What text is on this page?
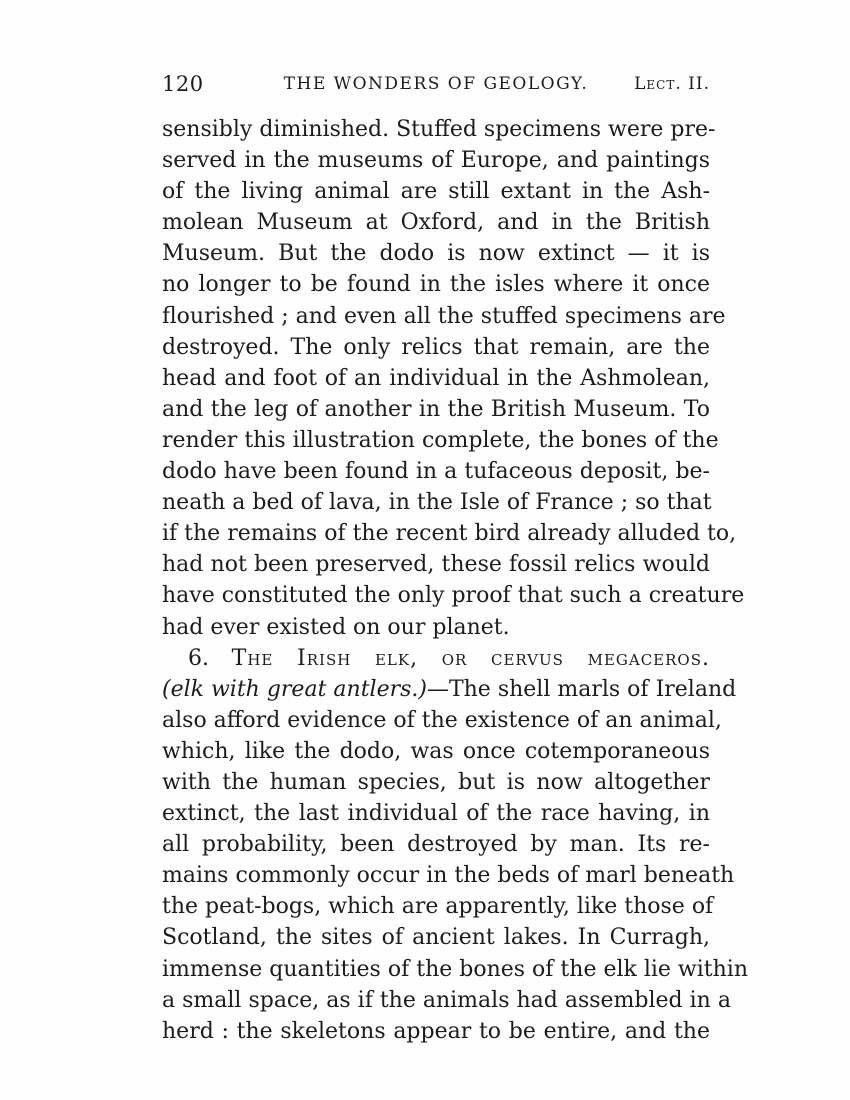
120	THE WONDERS OF GEOLOGY.	Lect. II.
sensibly diminished. Stuffed specimens were pre-
served in the museums of Europe, and paintings
of the living animal are still extant in the Ash-
molean Museum at Oxford, and in the British
Museum. But the dodo is now extinct — it is
no longer to be found in the isles where it once
flourished ; and even all the stuffed specimens are
destroyed. The only relics that remain, are the
head and foot of an individual in the Ashmolean,
and the leg of another in the British Museum. To
render this illustration complete, the bones of the
dodo have been found in a tufaceous deposit, be-
neath a bed of lava, in the Isle of France ; so that
if the remains of the recent bird already alluded to,
had not been preserved, these fossil relics would
have constituted the only proof that such a creature
had ever existed on our planet.
6. The Irish elk, or cervus megaceros.
(elk with great antlers.)—The shell marls of Ireland
also afford evidence of the existence of an animal,
which, like the dodo, was once cotemporaneous
with the human species, but is now altogether
extinct, the last individual of the race having, in
all probability, been destroyed by man. Its re-
mains commonly occur in the beds of marl beneath
the peat-bogs, which are apparently, like those of
Scotland, the sites of ancient lakes. In Curragh,
immense quantities of the bones of the elk lie within
a small space, as if the animals had assembled in a
herd : the skeletons appear to be entire, and the
